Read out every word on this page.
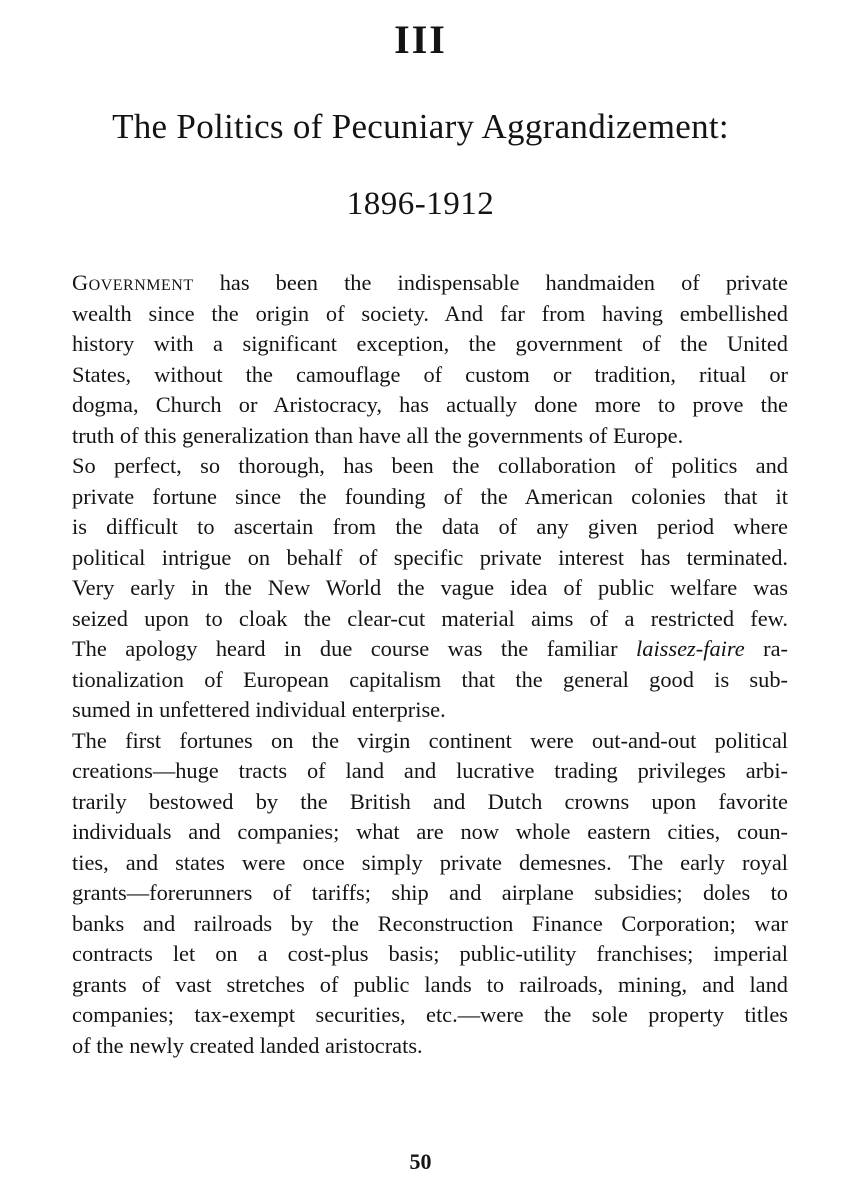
III
The Politics of Pecuniary Aggrandizement:
1896-1912
Government has been the indispensable handmaiden of private
wealth since the origin of society. And far from having embellished
history with a significant exception, the government of the United
States, without the camouflage of custom or tradition, ritual or
dogma, Church or Aristocracy, has actually done more to prove the
truth of this generalization than have all the governments of Europe.
So perfect, so thorough, has been the collaboration of politics and
private fortune since the founding of the American colonies that it
is difficult to ascertain from the data of any given period where
political intrigue on behalf of specific private interest has terminated.
Very early in the New World the vague idea of public welfare was
seized upon to cloak the clear-cut material aims of a restricted few.
The apology heard in due course was the familiar laissez-faire ra-
tionalization of European capitalism that the general good is sub-
sumed in unfettered individual enterprise.
The first fortunes on the virgin continent were out-and-out political
creations—huge tracts of land and lucrative trading privileges arbi-
trarily bestowed by the British and Dutch crowns upon favorite
individuals and companies; what are now whole eastern cities, coun-
ties, and states were once simply private demesnes. The early royal
grants—forerunners of tariffs; ship and airplane subsidies; doles to
banks and railroads by the Reconstruction Finance Corporation; war
contracts let on a cost-plus basis; public-utility franchises; imperial
grants of vast stretches of public lands to railroads, mining, and land
companies; tax-exempt securities, etc.—were the sole property titles
of the newly created landed aristocrats.
50
